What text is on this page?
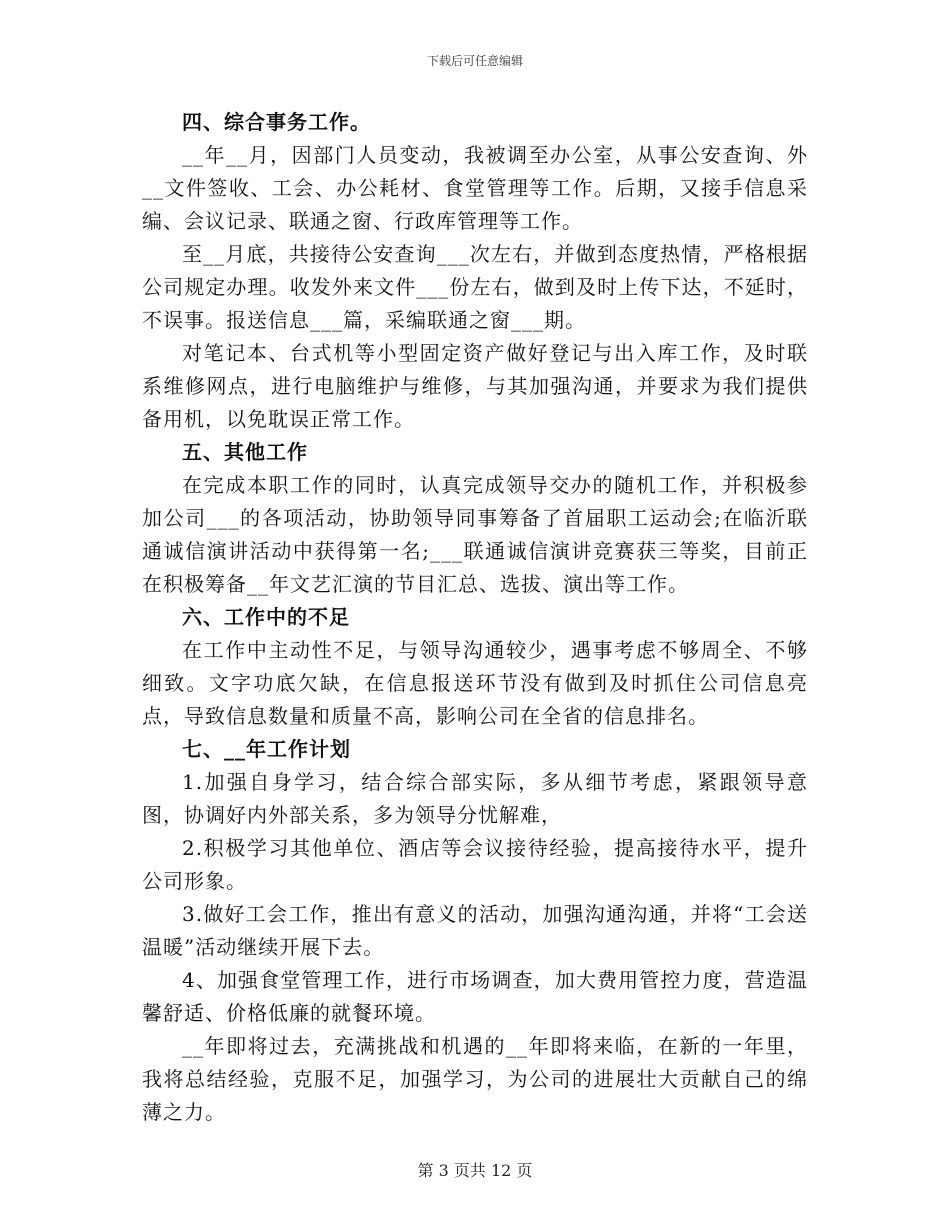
下载后可任意编辑

四、综合事务工作。

__年__月，因部门人员变动，我被调至办公室，从事公安查询、外__文件签收、工会、办公耗材、食堂管理等工作。后期，又接手信息采编、会议记录、联通之窗、行政库管理等工作。

至__月底，共接待公安查询___次左右，并做到态度热情，严格根据公司规定办理。收发外来文件___份左右，做到及时上传下达，不延时，不误事。报送信息___篇，采编联通之窗___期。

对笔记本、台式机等小型固定资产做好登记与出入库工作，及时联系维修网点，进行电脑维护与维修，与其加强沟通，并要求为我们提供备用机，以免耽误正常工作。

五、其他工作

在完成本职工作的同时，认真完成领导交办的随机工作，并积极参加公司___的各项活动，协助领导同事筹备了首届职工运动会;在临沂联通诚信演讲活动中获得第一名;___联通诚信演讲竞赛获三等奖，目前正在积极筹备__年文艺汇演的节目汇总、选拔、演出等工作。

六、工作中的不足

在工作中主动性不足，与领导沟通较少，遇事考虑不够周全、不够细致。文字功底欠缺，在信息报送环节没有做到及时抓住公司信息亮点，导致信息数量和质量不高，影响公司在全省的信息排名。

七、__年工作计划

1.加强自身学习，结合综合部实际，多从细节考虑，紧跟领导意图，协调好内外部关系，多为领导分忧解难，

2.积极学习其他单位、酒店等会议接待经验，提高接待水平，提升公司形象。

3.做好工会工作，推出有意义的活动，加强沟通沟通，并将“工会送温暖”活动继续开展下去。

4、加强食堂管理工作，进行市场调查，加大费用管控力度，营造温馨舒适、价格低廉的就餐环境。

__年即将过去，充满挑战和机遇的__年即将来临，在新的一年里，我将总结经验，克服不足，加强学习，为公司的进展壮大贡献自己的绵薄之力。

第 3 页共 12 页
